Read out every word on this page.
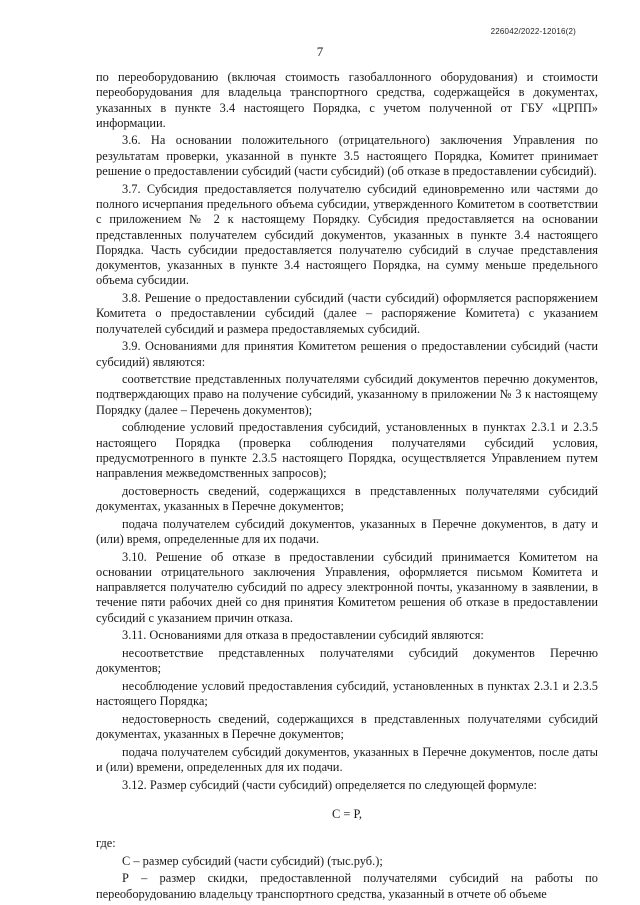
226042/2022-12016(2)
7

по переоборудованию (включая стоимость газобаллонного оборудования) и стоимости переоборудования для владельца транспортного средства, содержащейся в документах, указанных в пункте 3.4 настоящего Порядка, с учетом полученной от ГБУ «ЦРПП» информации.

3.6. На основании положительного (отрицательного) заключения Управления по результатам проверки, указанной в пункте 3.5 настоящего Порядка, Комитет принимает решение о предоставлении субсидий (части субсидий) (об отказе в предоставлении субсидий).

3.7. Субсидия предоставляется получателю субсидий единовременно или частями до полного исчерпания предельного объема субсидии, утвержденного Комитетом в соответствии с приложением № 2 к настоящему Порядку. Субсидия предоставляется на основании представленных получателем субсидий документов, указанных в пункте 3.4 настоящего Порядка. Часть субсидии предоставляется получателю субсидий в случае представления документов, указанных в пункте 3.4 настоящего Порядка, на сумму меньше предельного объема субсидии.

3.8. Решение о предоставлении субсидий (части субсидий) оформляется распоряжением Комитета о предоставлении субсидий (далее – распоряжение Комитета) с указанием получателей субсидий и размера предоставляемых субсидий.

3.9. Основаниями для принятия Комитетом решения о предоставлении субсидий (части субсидий) являются:

соответствие представленных получателями субсидий документов перечню документов, подтверждающих право на получение субсидий, указанному в приложении № 3 к настоящему Порядку (далее – Перечень документов);

соблюдение условий предоставления субсидий, установленных в пунктах 2.3.1 и 2.3.5 настоящего Порядка (проверка соблюдения получателями субсидий условия, предусмотренного в пункте 2.3.5 настоящего Порядка, осуществляется Управлением путем направления межведомственных запросов);

достоверность сведений, содержащихся в представленных получателями субсидий документах, указанных в Перечне документов;

подача получателем субсидий документов, указанных в Перечне документов, в дату и (или) время, определенные для их подачи.

3.10. Решение об отказе в предоставлении субсидий принимается Комитетом на основании отрицательного заключения Управления, оформляется письмом Комитета и направляется получателю субсидий по адресу электронной почты, указанному в заявлении, в течение пяти рабочих дней со дня принятия Комитетом решения об отказе в предоставлении субсидий с указанием причин отказа.

3.11. Основаниями для отказа в предоставлении субсидий являются:

несоответствие представленных получателями субсидий документов Перечню документов;

несоблюдение условий предоставления субсидий, установленных в пунктах 2.3.1 и 2.3.5 настоящего Порядка;

недостоверность сведений, содержащихся в представленных получателями субсидий документах, указанных в Перечне документов;

подача получателем субсидий документов, указанных в Перечне документов, после даты и (или) времени, определенных для их подачи.

3.12. Размер субсидий (части субсидий) определяется по следующей формуле:

С = Р,

где:

С – размер субсидий (части субсидий) (тыс.руб.);

Р – размер скидки, предоставленной получателями субсидий на работы по переоборудованию владельцу транспортного средства, указанный в отчете об объеме
